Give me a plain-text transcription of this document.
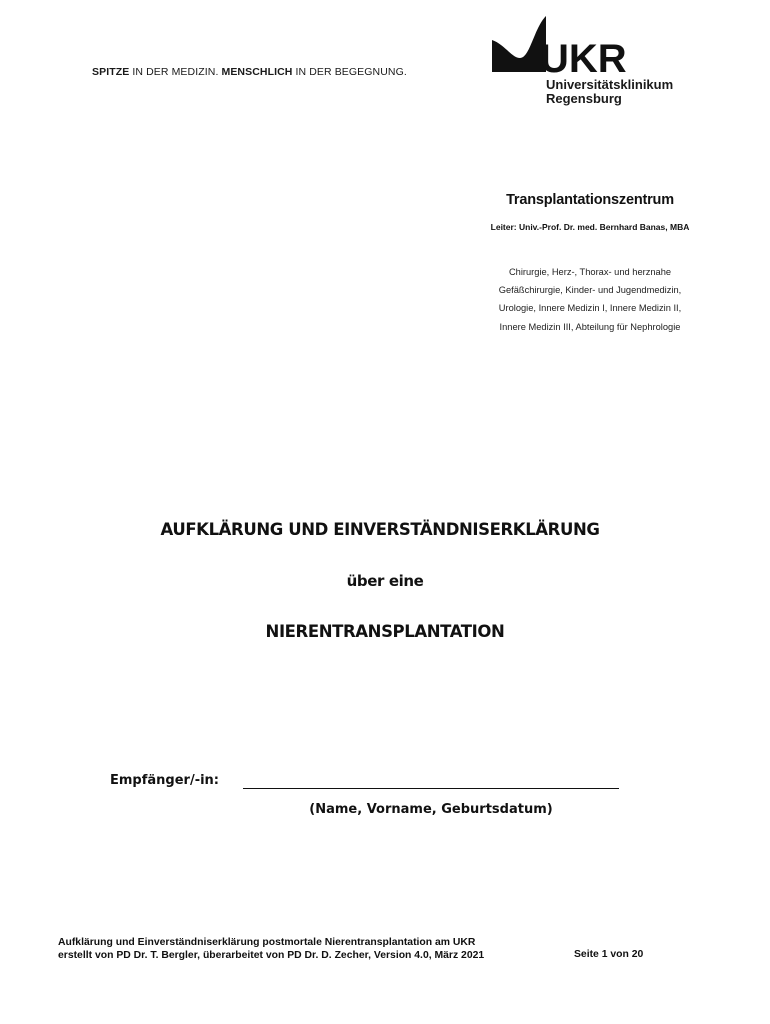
SPITZE IN DER MEDIZIN. MENSCHLICH IN DER BEGEGNUNG.	UKR
Universitätsklinikum
Regensburg
Transplantationszentrum
Leiter: Univ.-Prof. Dr. med. Bernhard Banas, MBA
Chirurgie, Herz-, Thorax- und herznahe
Gefäßchirurgie, Kinder- und Jugendmedizin,
Urologie, Innere Medizin I, Innere Medizin II,
Innere Medizin III, Abteilung für Nephrologie
AUFKLÄRUNG UND EINVERSTÄNDNISERKLÄRUNG
über eine
NIERENTRANSPLANTATION
Empfänger/-in:
(Name, Vorname, Geburtsdatum)
Aufklärung und Einverständniserklärung postmortale Nierentransplantation am UKR
erstellt von PD Dr. T. Bergler, überarbeitet von PD Dr. D. Zecher, Version 4.0, März 2021	Seite 1 von 20
